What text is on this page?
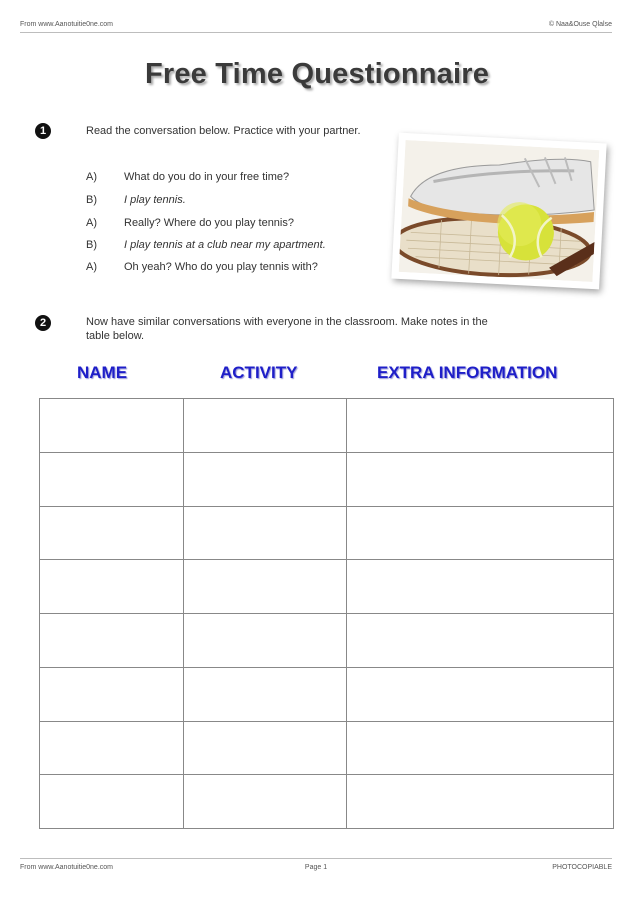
From www.Aanotuitie0ne.com	© Naa&Ouse Qlalse
Free Time Questionnaire
1	Read the conversation below. Practice with your partner.
A) What do you do in your free time?
B) I play tennis.
A) Really? Where do you play tennis?
B) I play tennis at a club near my apartment.
A) Oh yeah? Who do you play tennis with?
2	Now have similar conversations with everyone in the classroom. Make notes in the
table below.
NAME	ACTIVITY	EXTRA INFORMATION

From www.Aanotuitie0ne.com	Page 1	PHOTOCOPIABLE
